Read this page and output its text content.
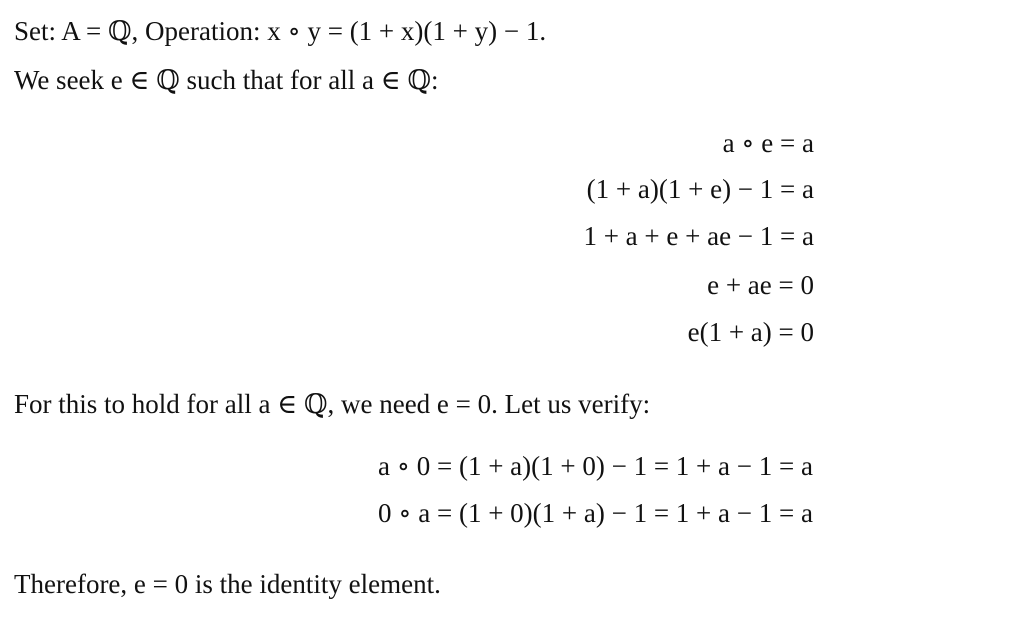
Set: A = ℚ, Operation: x ∘ y = (1 + x)(1 + y) − 1.
We seek e ∈ ℚ such that for all a ∈ ℚ:
a ∘ e = a
(1 + a)(1 + e) − 1 = a
1 + a + e + ae − 1 = a
e + ae = 0
e(1 + a) = 0
For this to hold for all a ∈ ℚ, we need e = 0. Let us verify:
a ∘ 0 = (1 + a)(1 + 0) − 1 = 1 + a − 1 = a
0 ∘ a = (1 + 0)(1 + a) − 1 = 1 + a − 1 = a
Therefore, e = 0 is the identity element.
